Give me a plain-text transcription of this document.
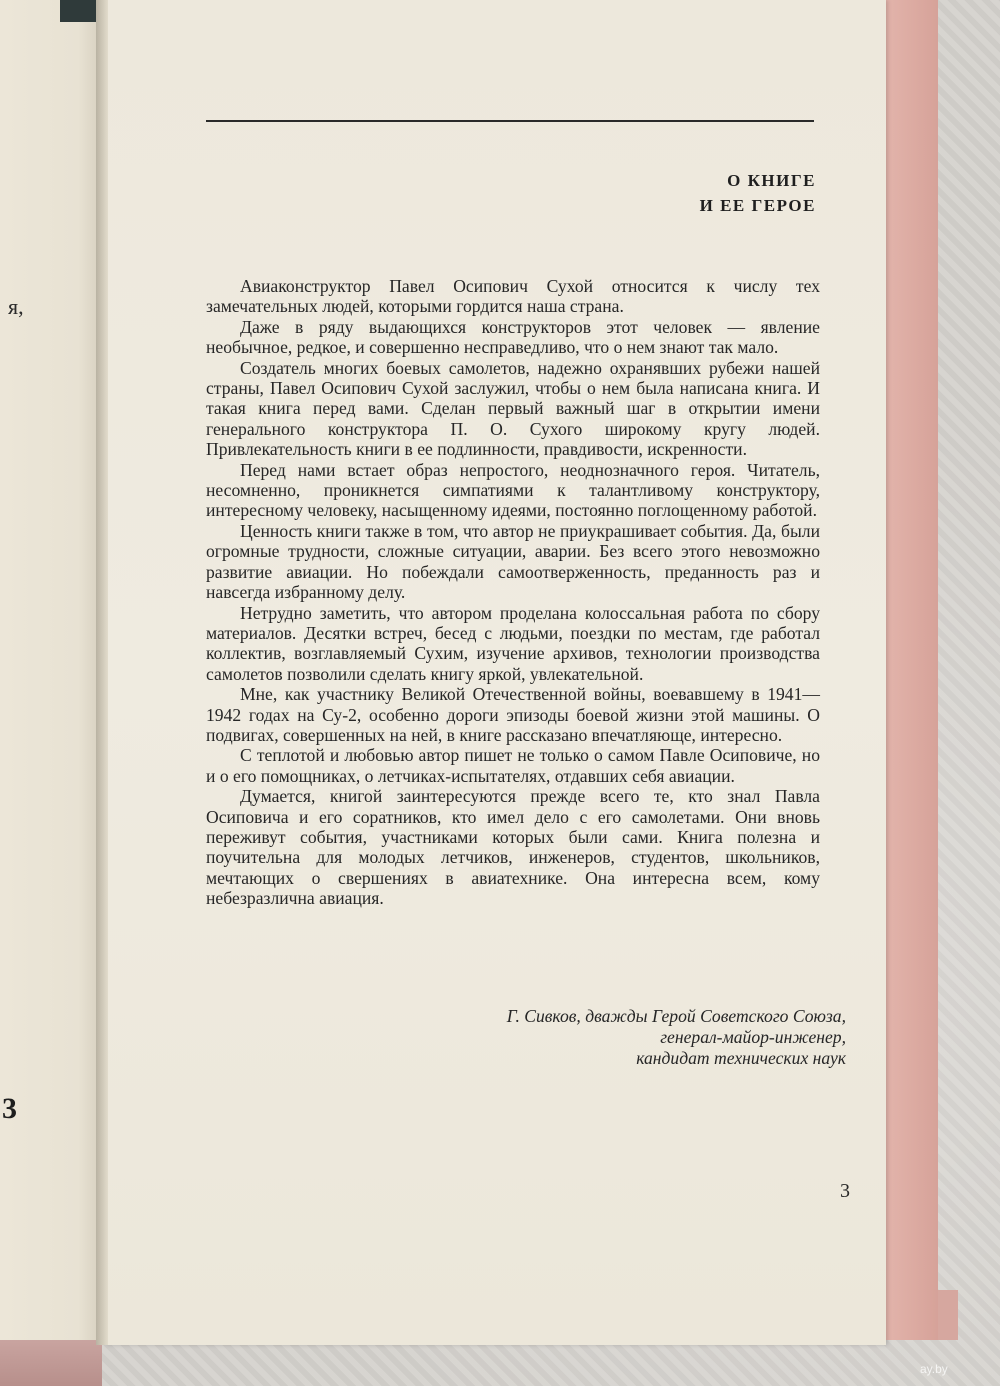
я,
3
О КНИГЕ
И ЕЕ ГЕРОЕ

Авиаконструктор Павел Осипович Сухой относится к числу тех замечательных людей, которыми гордится наша страна.

Даже в ряду выдающихся конструкторов этот человек — явление необычное, редкое, и совершенно несправедливо, что о нем знают так мало.

Создатель многих боевых самолетов, надежно охранявших рубежи нашей страны, Павел Осипович Сухой заслужил, чтобы о нем была написана книга. И такая книга перед вами. Сделан первый важный шаг в открытии имени генерального конструктора П. О. Сухого широкому кругу людей. Привлекательность книги в ее подлинности, правдивости, искренности.

Перед нами встает образ непростого, неоднозначного героя. Читатель, несомненно, проникнется симпатиями к талантливому конструктору, интересному человеку, насыщенному идеями, постоянно поглощенному работой.

Ценность книги также в том, что автор не приукрашивает события. Да, были огромные трудности, сложные ситуации, аварии. Без всего этого невозможно развитие авиации. Но побеждали самоотверженность, преданность раз и навсегда избранному делу.

Нетрудно заметить, что автором проделана колоссальная работа по сбору материалов. Десятки встреч, бесед с людьми, поездки по местам, где работал коллектив, возглавляемый Сухим, изучение архивов, технологии производства самолетов позволили сделать книгу яркой, увлекательной.

Мне, как участнику Великой Отечественной войны, воевавшему в 1941—1942 годах на Су-2, особенно дороги эпизоды боевой жизни этой машины. О подвигах, совершенных на ней, в книге рассказано впечатляюще, интересно.

С теплотой и любовью автор пишет не только о самом Павле Осиповиче, но и о его помощниках, о летчиках-испытателях, отдавших себя авиации.

Думается, книгой заинтересуются прежде всего те, кто знал Павла Осиповича и его соратников, кто имел дело с его самолетами. Они вновь переживут события, участниками которых были сами. Книга полезна и поучительна для молодых летчиков, инженеров, студентов, школьников, мечтающих о свершениях в авиатехнике. Она интересна всем, кому небезразлична авиация.

Г. Сивков, дважды Герой Советского Союза,
генерал-майор-инженер,
кандидат технических наук
3
ay.by
